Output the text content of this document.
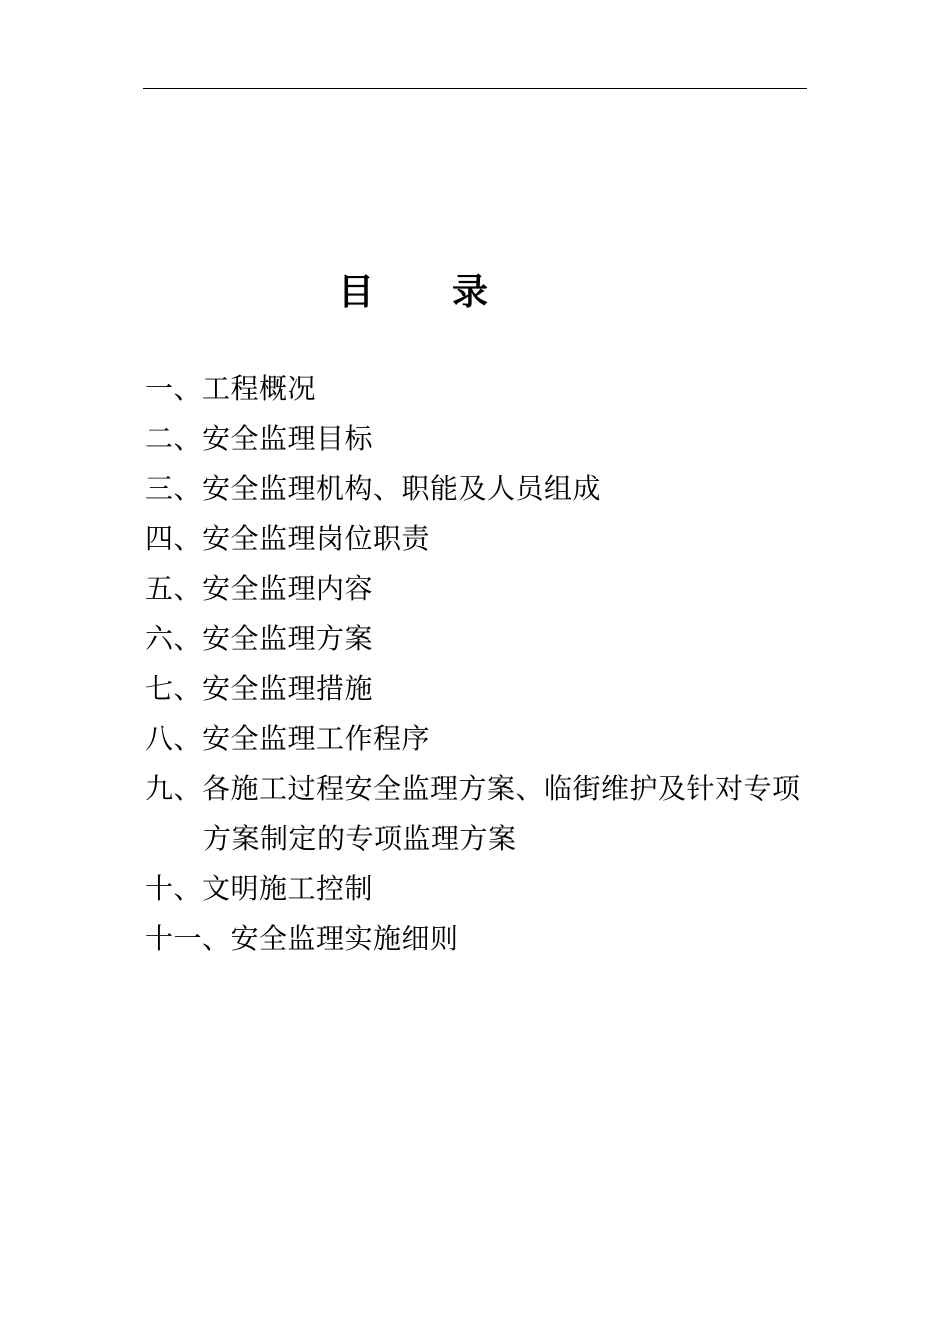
目 录
一、工程概况
二、安全监理目标
三、安全监理机构、职能及人员组成
四、安全监理岗位职责
五、安全监理内容
六、安全监理方案
七、安全监理措施
八、安全监理工作程序
九、各施工过程安全监理方案、临街维护及针对专项
方案制定的专项监理方案
十、文明施工控制
十一、安全监理实施细则
